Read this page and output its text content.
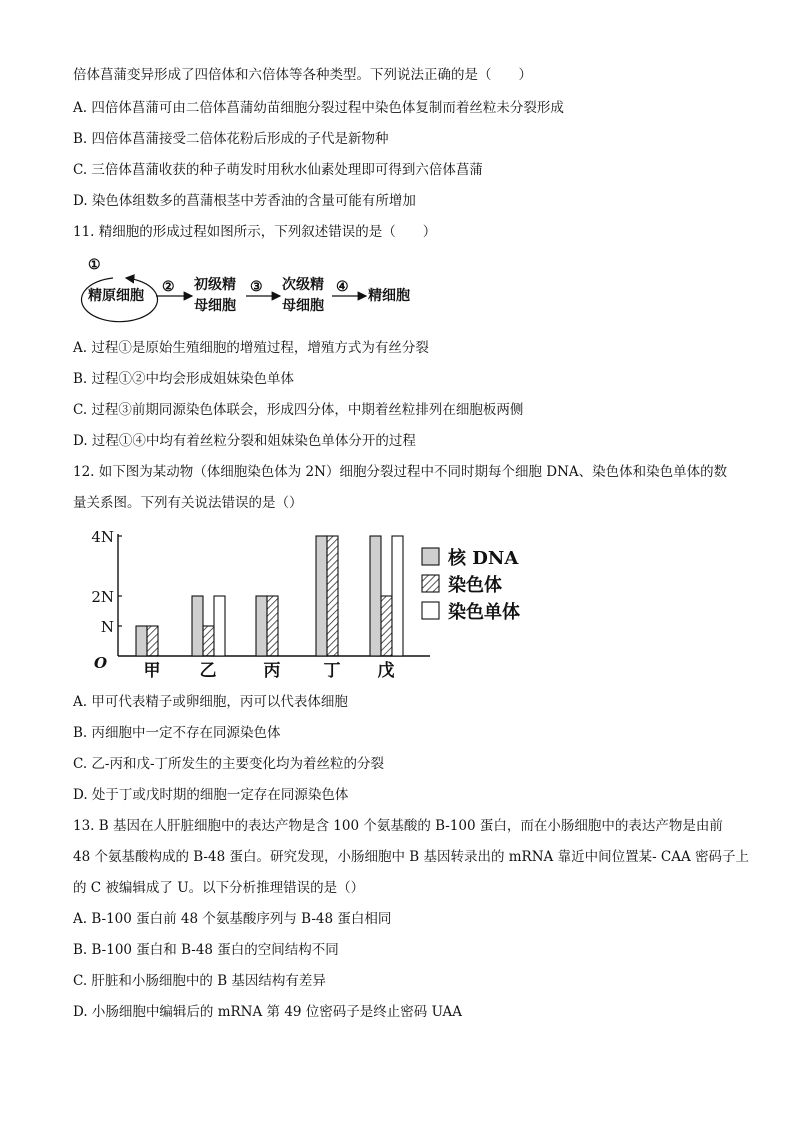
倍体菖蒲变异形成了四倍体和六倍体等各种类型。下列说法正确的是（　　）
A. 四倍体菖蒲可由二倍体菖蒲幼苗细胞分裂过程中染色体复制而着丝粒未分裂形成
B. 四倍体菖蒲接受二倍体花粉后形成的子代是新物种
C. 三倍体菖蒲收获的种子萌发时用秋水仙素处理即可得到六倍体菖蒲
D. 染色体组数多的菖蒲根茎中芳香油的含量可能有所增加
11. 精细胞的形成过程如图所示，下列叙述错误的是（　　）
①
精原细胞
② 初级精
母细胞
③ 次级精
母细胞
④
精细胞
A. 过程①是原始生殖细胞的增殖过程，增殖方式为有丝分裂
B. 过程①②中均会形成姐妹染色单体
C. 过程③前期同源染色体联会，形成四分体，中期着丝粒排列在细胞板两侧
D. 过程①④中均有着丝粒分裂和姐妹染色单体分开的过程
12. 如下图为某动物（体细胞染色体为 2N）细胞分裂过程中不同时期每个细胞 DNA、染色体和染色单体的数
量关系图。下列有关说法错误的是（）
O
N
2N
4N
甲 乙	丙	丁 戊
核 DNA
染色体
染色单体
A. 甲可代表精子或卵细胞，丙可以代表体细胞
B. 丙细胞中一定不存在同源染色体
C. 乙-丙和戊-丁所发生的主要变化均为着丝粒的分裂
D. 处于丁或戊时期的细胞一定存在同源染色体
13. B 基因在人肝脏细胞中的表达产物是含 100 个氨基酸的 B-100 蛋白，而在小肠细胞中的表达产物是由前
48 个氨基酸构成的 B-48 蛋白。研究发现，小肠细胞中 B 基因转录出的 mRNA 靠近中间位置某- CAA 密码子上
的 C 被编辑成了 U。以下分析推理错误的是（）
A. B-100 蛋白前 48 个氨基酸序列与 B-48 蛋白相同
B. B-100 蛋白和 B-48 蛋白的空间结构不同
C. 肝脏和小肠细胞中的 B 基因结构有差异
D. 小肠细胞中编辑后的 mRNA 第 49 位密码子是终止密码 UAA
